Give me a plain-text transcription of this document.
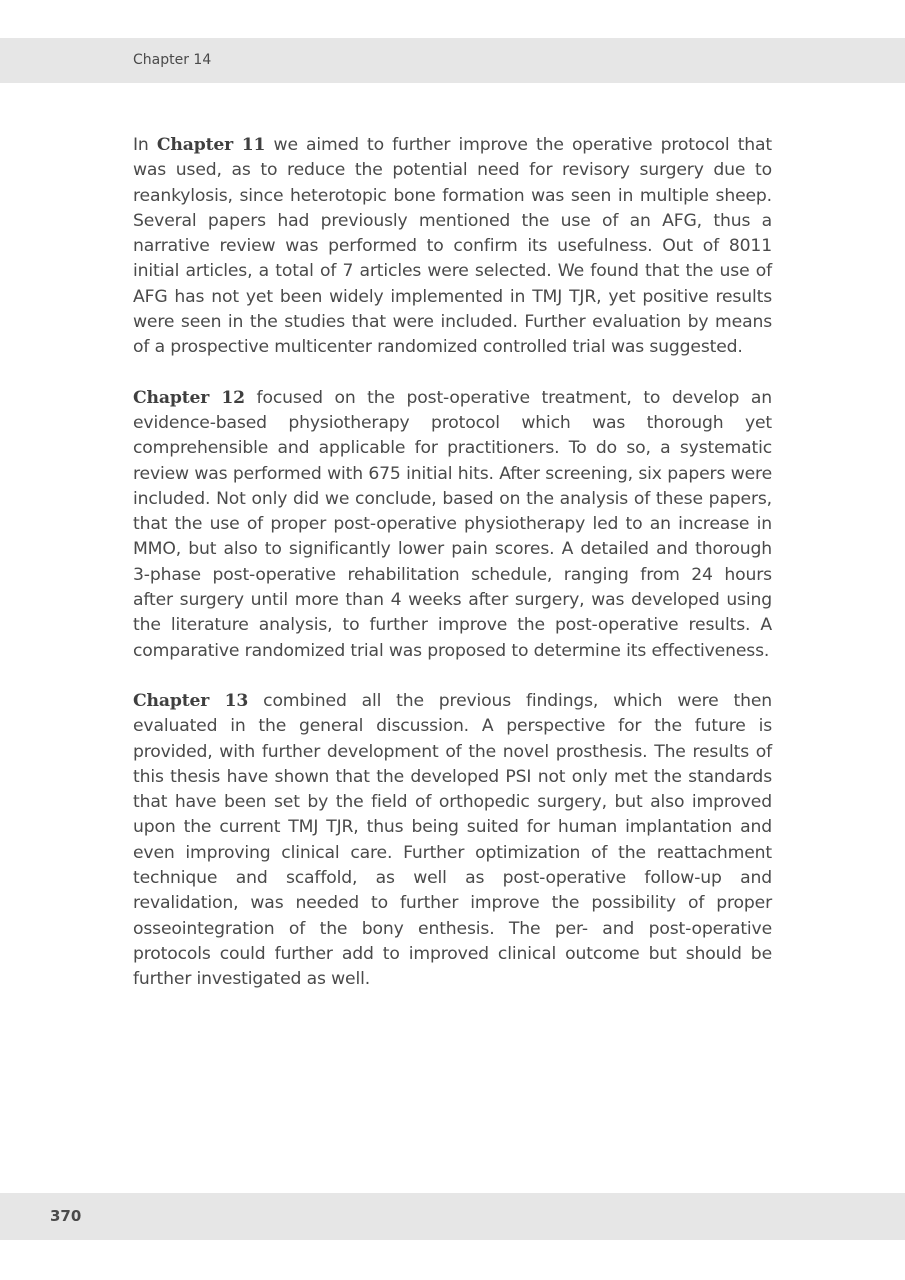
Chapter 14

In Chapter 11 we aimed to further improve the operative protocol that was used, as to reduce the potential need for revisory surgery due to reankylosis, since heterotopic bone formation was seen in multiple sheep. Several papers had previously mentioned the use of an AFG, thus a narrative review was performed to confirm its usefulness. Out of 8011 initial articles, a total of 7 articles were selected. We found that the use of AFG has not yet been widely implemented in TMJ TJR, yet positive results were seen in the studies that were included. Further evaluation by means of a prospective multicenter randomized controlled trial was suggested.

Chapter 12 focused on the post-operative treatment, to develop an evidence-based physiotherapy protocol which was thorough yet comprehensible and applicable for practitioners. To do so, a systematic review was performed with 675 initial hits. After screening, six papers were included. Not only did we conclude, based on the analysis of these papers, that the use of proper post-operative physiotherapy led to an increase in MMO, but also to significantly lower pain scores. A detailed and thorough 3-phase post-operative rehabilitation schedule, ranging from 24 hours after surgery until more than 4 weeks after surgery, was developed using the literature analysis, to further improve the post-operative results. A comparative randomized trial was proposed to determine its effectiveness.

Chapter 13 combined all the previous findings, which were then evaluated in the general discussion. A perspective for the future is provided, with further development of the novel prosthesis. The results of this thesis have shown that the developed PSI not only met the standards that have been set by the field of orthopedic surgery, but also improved upon the current TMJ TJR, thus being suited for human implantation and even improving clinical care. Further optimization of the reattachment technique and scaffold, as well as post-operative follow-up and revalidation, was needed to further improve the possibility of proper osseointegration of the bony enthesis. The per- and post-operative protocols could further add to improved clinical outcome but should be further investigated as well.

370
